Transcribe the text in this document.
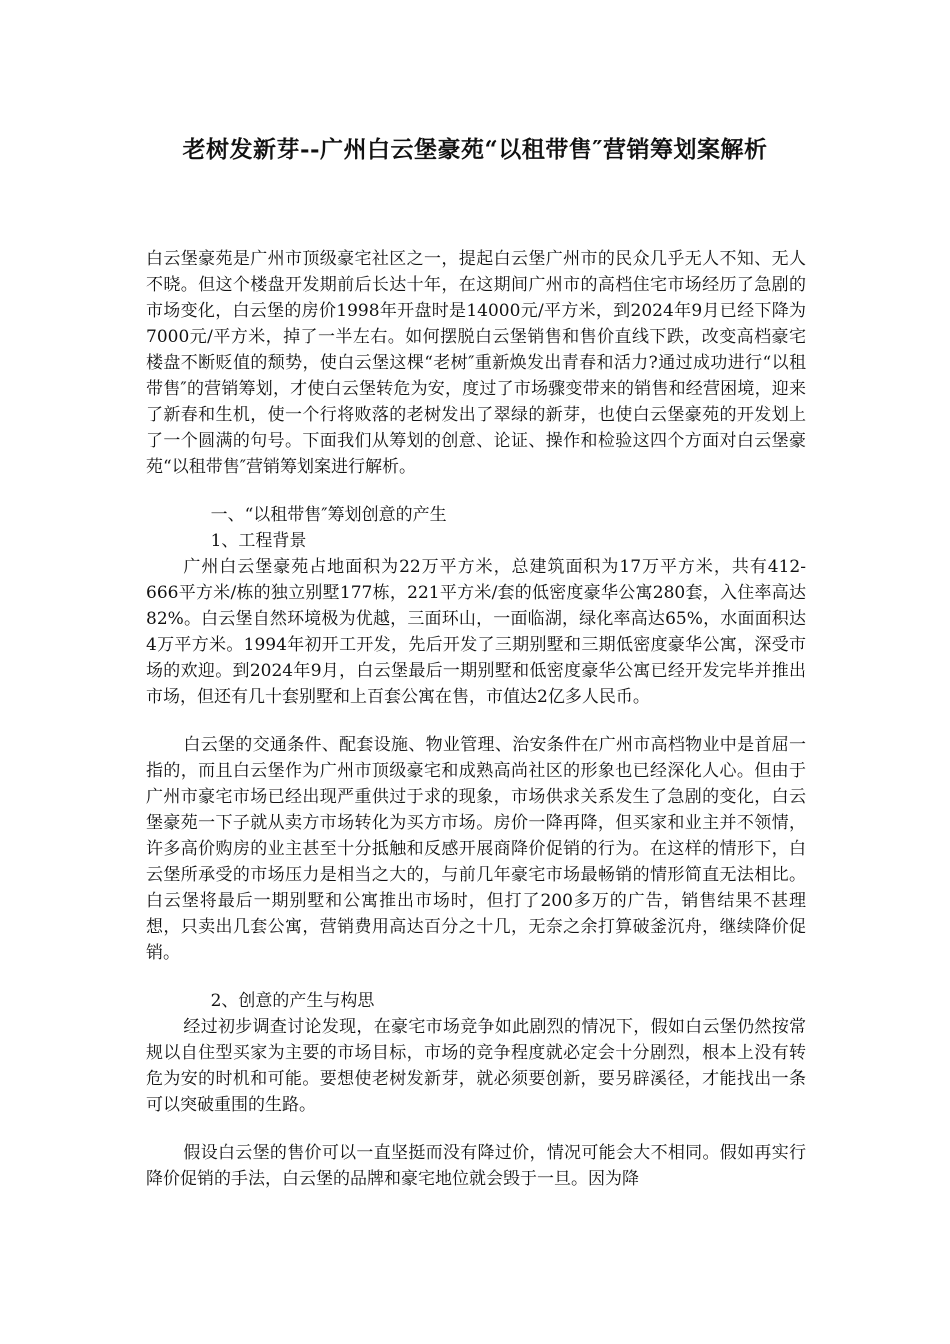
老树发新芽--广州白云堡豪苑“以租带售″营销筹划案解析

白云堡豪苑是广州市顶级豪宅社区之一，提起白云堡广州市的民众几乎无人不知、无人不晓。但这个楼盘开发期前后长达十年，在这期间广州市的高档住宅市场经历了急剧的市场变化，白云堡的房价1998年开盘时是14000元/平方米，到2024年9月已经下降为7000元/平方米，掉了一半左右。如何摆脱白云堡销售和售价直线下跌，改变高档豪宅楼盘不断贬值的颓势，使白云堡这棵“老树″重新焕发出青春和活力?通过成功进行“以租带售″的营销筹划，才使白云堡转危为安，度过了市场骤变带来的销售和经营困境，迎来了新春和生机，使一个行将败落的老树发出了翠绿的新芽，也使白云堡豪苑的开发划上了一个圆满的句号。下面我们从筹划的创意、论证、操作和检验这四个方面对白云堡豪苑“以租带售″营销筹划案进行解析。

一、“以租带售″筹划创意的产生

1、工程背景

广州白云堡豪苑占地面积为22万平方米，总建筑面积为17万平方米，共有412-666平方米/栋的独立别墅177栋，221平方米/套的低密度豪华公寓280套，入住率高达82%。白云堡自然环境极为优越，三面环山，一面临湖，绿化率高达65%，水面面积达4万平方米。1994年初开工开发，先后开发了三期别墅和三期低密度豪华公寓，深受市场的欢迎。到2024年9月，白云堡最后一期别墅和低密度豪华公寓已经开发完毕并推出市场，但还有几十套别墅和上百套公寓在售，市值达2亿多人民币。

白云堡的交通条件、配套设施、物业管理、治安条件在广州市高档物业中是首屈一指的，而且白云堡作为广州市顶级豪宅和成熟高尚社区的形象也已经深化人心。但由于广州市豪宅市场已经出现严重供过于求的现象，市场供求关系发生了急剧的变化，白云堡豪苑一下子就从卖方市场转化为买方市场。房价一降再降，但买家和业主并不领情，许多高价购房的业主甚至十分抵触和反感开展商降价促销的行为。在这样的情形下，白云堡所承受的市场压力是相当之大的，与前几年豪宅市场最畅销的情形简直无法相比。白云堡将最后一期别墅和公寓推出市场时，但打了200多万的广告，销售结果不甚理想，只卖出几套公寓，营销费用高达百分之十几，无奈之余打算破釜沉舟，继续降价促销。

2、创意的产生与构思

经过初步调查讨论发现，在豪宅市场竞争如此剧烈的情况下，假如白云堡仍然按常规以自住型买家为主要的市场目标，市场的竞争程度就必定会十分剧烈，根本上没有转危为安的时机和可能。要想使老树发新芽，就必须要创新，要另辟溪径，才能找出一条可以突破重围的生路。

假设白云堡的售价可以一直坚挺而没有降过价，情况可能会大不相同。假如再实行降价促销的手法，白云堡的品牌和豪宅地位就会毁于一旦。因为降
